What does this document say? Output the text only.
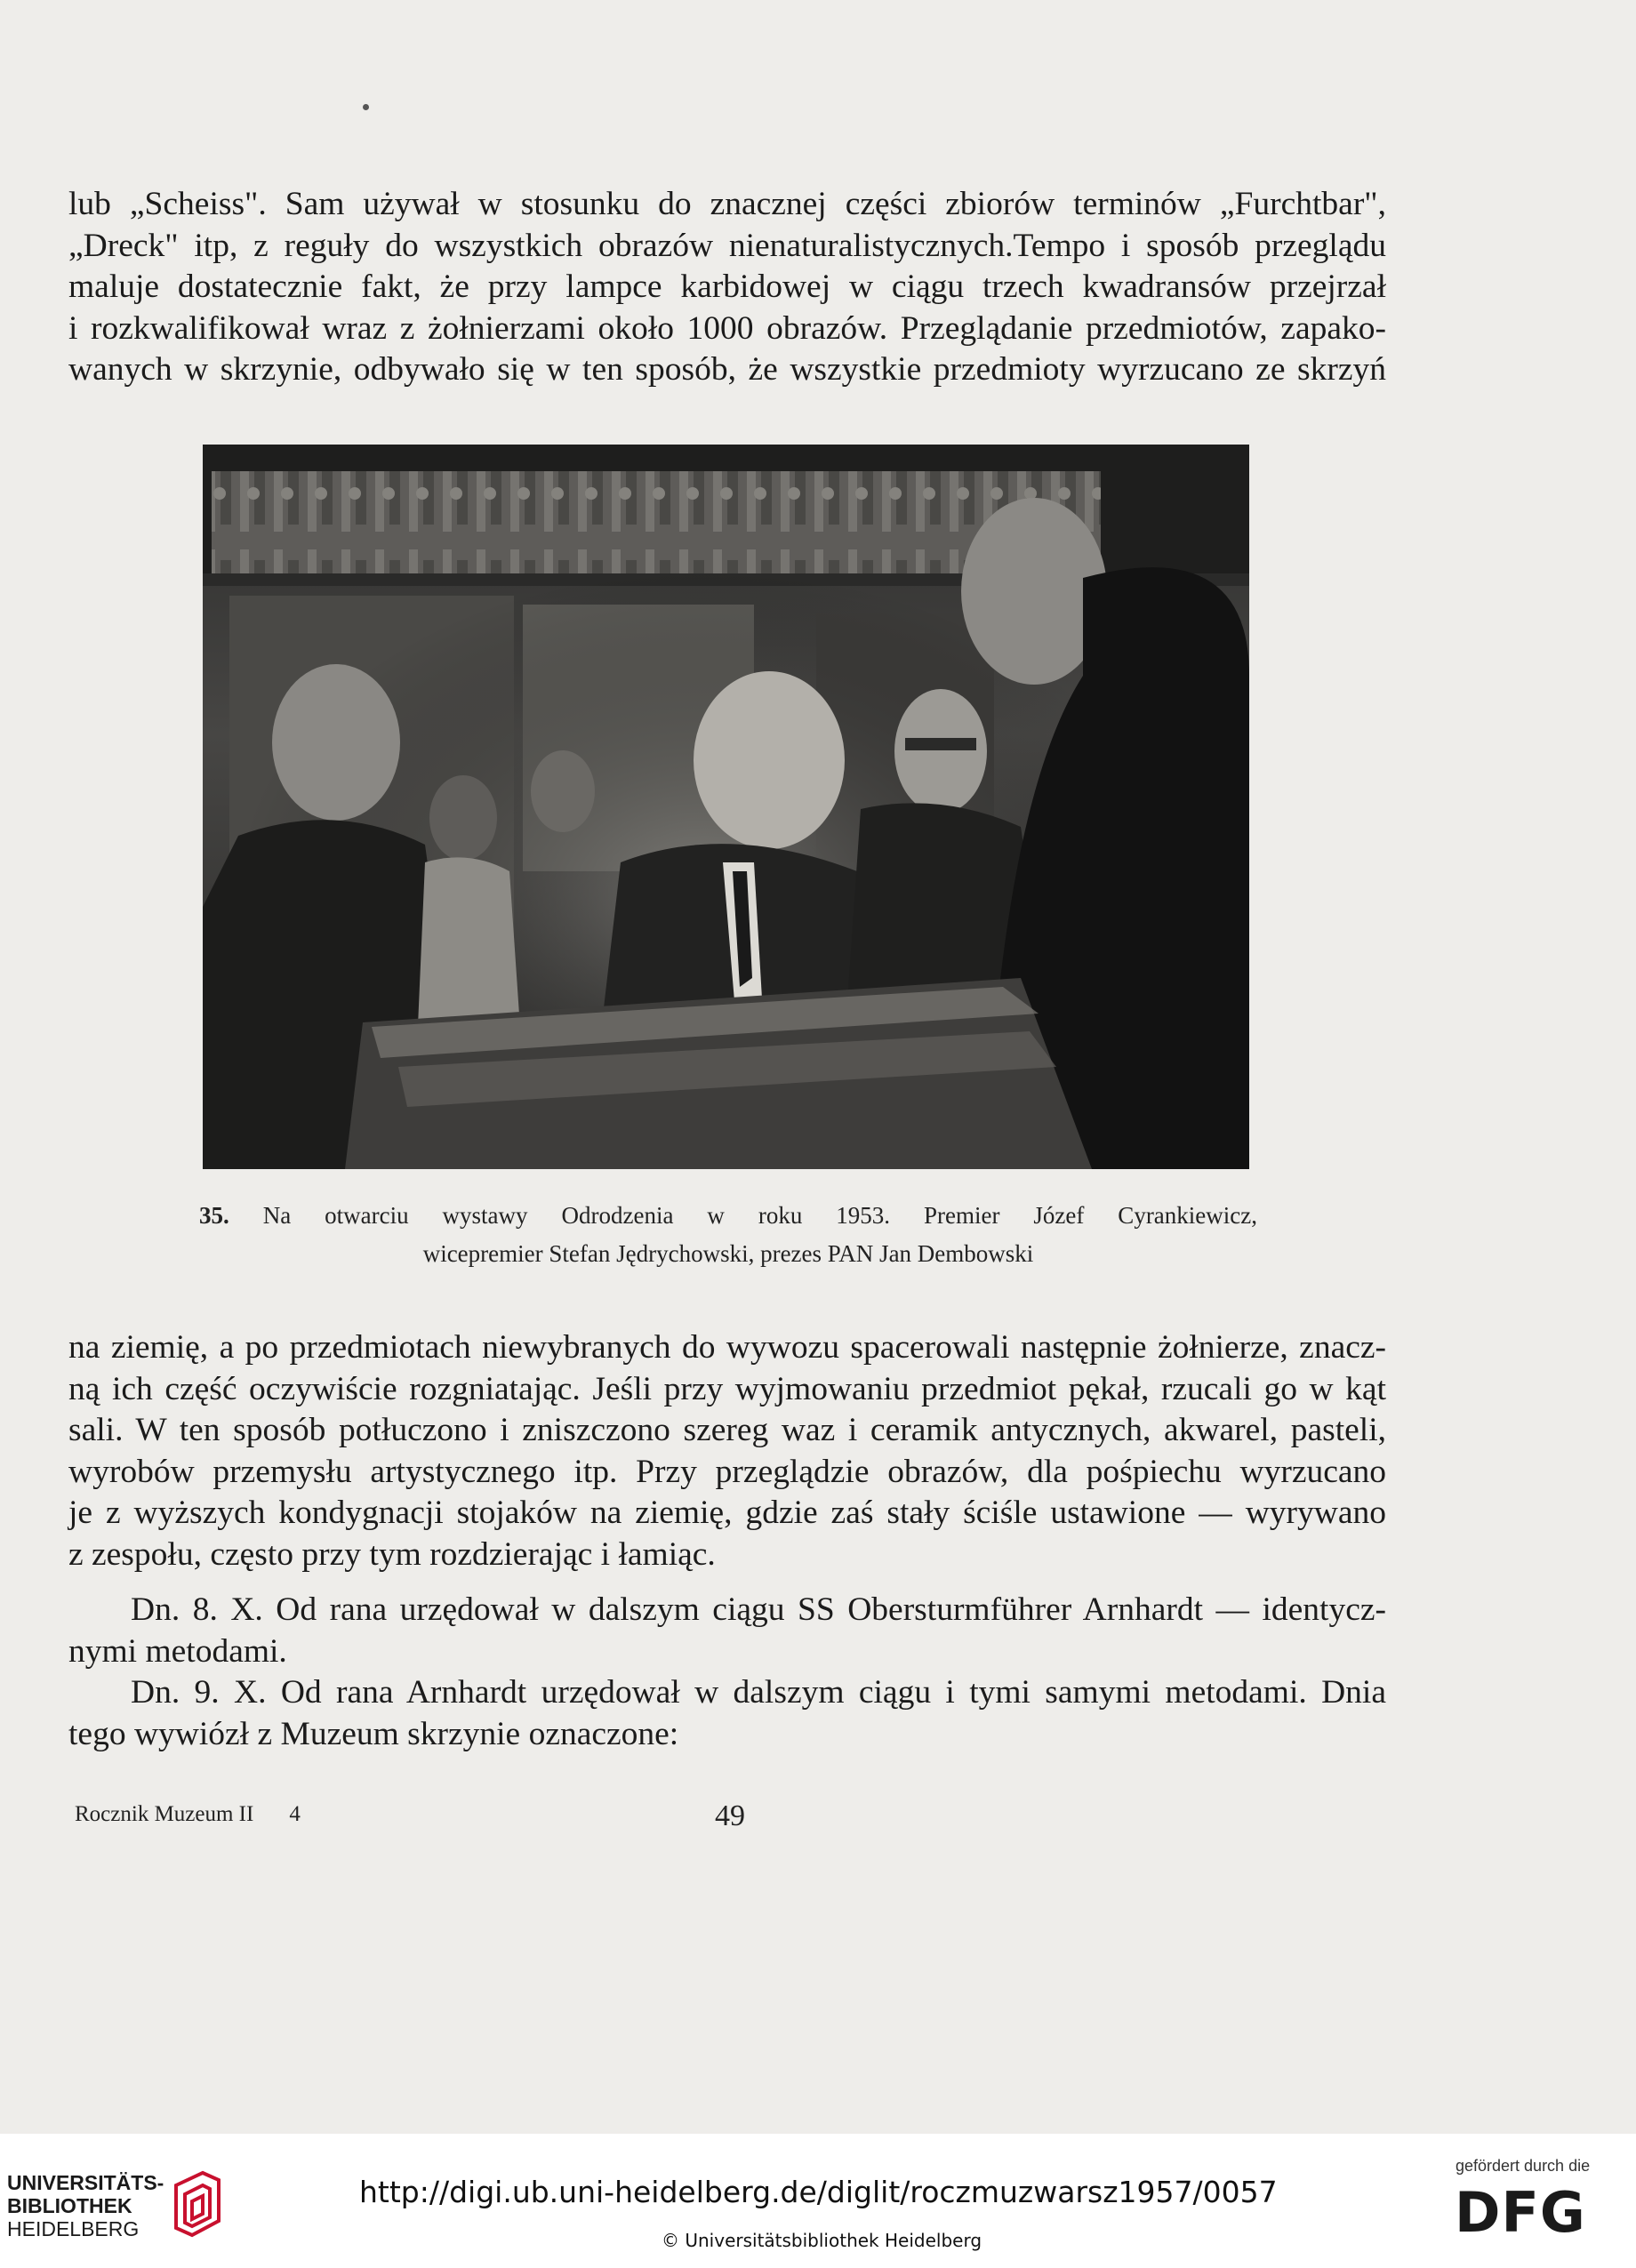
lub „Scheiss". Sam używał w stosunku do znacznej części zbiorów terminów „Furchtbar",
„Dreck" itp, z reguły do wszystkich obrazów nienaturalistycznych.Tempo i sposób przeglądu
maluje dostatecznie fakt, że przy lampce karbidowej w ciągu trzech kwadransów przejrzał
i rozkwalifikował wraz z żołnierzami około 1000 obrazów. Przeglądanie przedmiotów, zapako-
wanych w skrzynie, odbywało się w ten sposób, że wszystkie przedmioty wyrzucano ze skrzyń
35. Na otwarciu wystawy Odrodzenia w roku 1953. Premier Józef Cyrankiewicz,
wicepremier Stefan Jędrychowski, prezes PAN Jan Dembowski
na ziemię, a po przedmiotach niewybranych do wywozu spacerowali następnie żołnierze, znacz-
ną ich część oczywiście rozgniatając. Jeśli przy wyjmowaniu przedmiot pękał, rzucali go w kąt
sali. W ten sposób potłuczono i zniszczono szereg waz i ceramik antycznych, akwarel, pasteli,
wyrobów przemysłu artystycznego itp. Przy przeglądzie obrazów, dla pośpiechu wyrzucano
je z wyższych kondygnacji stojaków na ziemię, gdzie zaś stały ściśle ustawione — wyrywano
z zespołu, często przy tym rozdzierając i łamiąc.
Dn. 8. X. Od rana urzędował w dalszym ciągu SS Obersturmführer Arnhardt — identycz-
nymi metodami.
Dn. 9. X. Od rana Arnhardt urzędował w dalszym ciągu i tymi samymi metodami. Dnia
tego wywiózł z Muzeum skrzynie oznaczone:
Rocznik Muzeum II 4	49
UNIVERSITÄTS-
BIBLIOTHEK
HEIDELBERG
http://digi.ub.uni-heidelberg.de/diglit/roczmuzwarsz1957/0057
© Universitätsbibliothek Heidelberg
gefördert durch die
DFG
